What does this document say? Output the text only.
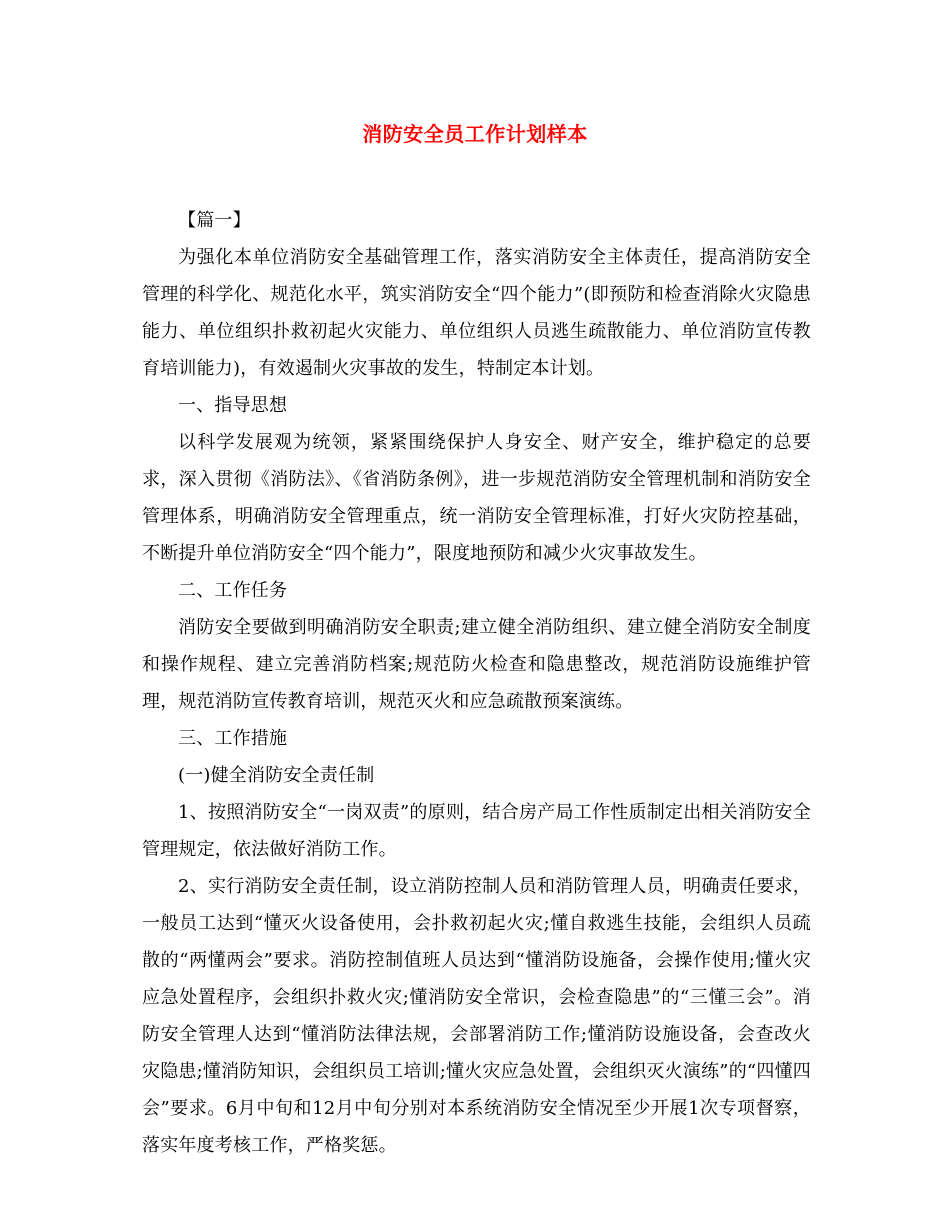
消防安全员工作计划样本

【篇一】

为强化本单位消防安全基础管理工作，落实消防安全主体责任，提高消防安全管理的科学化、规范化水平，筑实消防安全“四个能力”(即预防和检查消除火灾隐患能力、单位组织扑救初起火灾能力、单位组织人员逃生疏散能力、单位消防宣传教育培训能力)，有效遏制火灾事故的发生，特制定本计划。

一、指导思想

以科学发展观为统领，紧紧围绕保护人身安全、财产安全，维护稳定的总要求，深入贯彻《消防法》、《省消防条例》，进一步规范消防安全管理机制和消防安全管理体系，明确消防安全管理重点，统一消防安全管理标准，打好火灾防控基础，不断提升单位消防安全“四个能力”，限度地预防和减少火灾事故发生。

二、工作任务

消防安全要做到明确消防安全职责;建立健全消防组织、建立健全消防安全制度和操作规程、建立完善消防档案;规范防火检查和隐患整改，规范消防设施维护管理，规范消防宣传教育培训，规范灭火和应急疏散预案演练。

三、工作措施

(一)健全消防安全责任制

1、按照消防安全“一岗双责”的原则，结合房产局工作性质制定出相关消防安全管理规定，依法做好消防工作。

2、实行消防安全责任制，设立消防控制人员和消防管理人员，明确责任要求，一般员工达到“懂灭火设备使用，会扑救初起火灾;懂自救逃生技能，会组织人员疏散的“两懂两会”要求。消防控制值班人员达到“懂消防设施备，会操作使用;懂火灾应急处置程序，会组织扑救火灾;懂消防安全常识，会检查隐患”的“三懂三会”。消防安全管理人达到“懂消防法律法规，会部署消防工作;懂消防设施设备，会查改火灾隐患;懂消防知识，会组织员工培训;懂火灾应急处置，会组织灭火演练”的“四懂四会”要求。6月中旬和12月中旬分别对本系统消防安全情况至少开展1次专项督察，落实年度考核工作，严格奖惩。
